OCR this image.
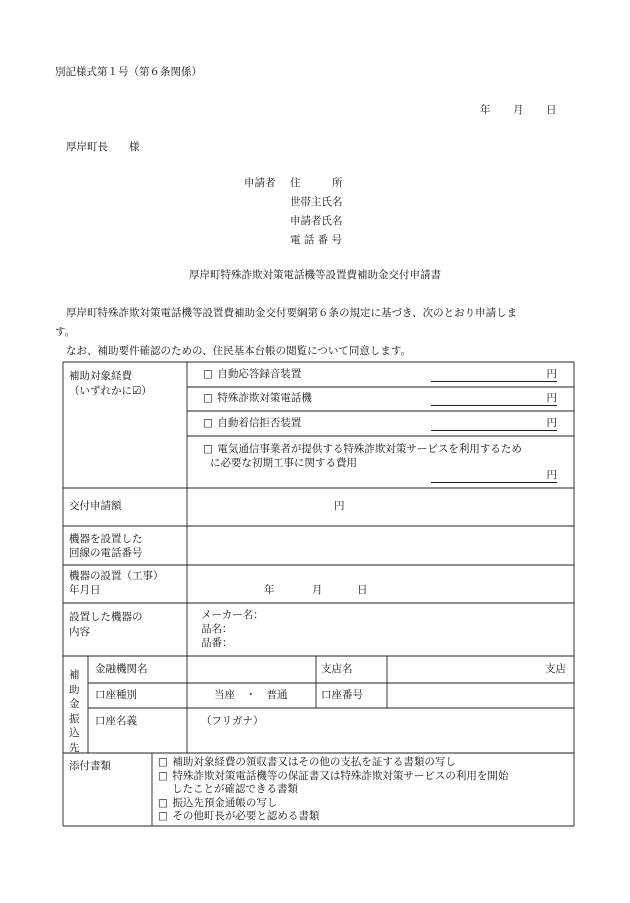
別記様式第１号（第６条関係）
年 月 日
厚岸町長　　様
申請者 住　　　所
世帯主氏名
申請者氏名
電 話 番 号
厚岸町特殊詐欺対策電話機等設置費補助金交付申請書
厚岸町特殊詐欺対策電話機等設置費補助金交付要綱第６条の規定に基づき、次のとおり申請しま
す。
なお、補助要件確認のための、住民基本台帳の閲覧について同意します。
補助対象経費
（いずれかに☑）
□ 自動応答録音装置	円
□ 特殊詐欺対策電話機	円
□ 自動着信拒否装置	円
□ 電気通信事業者が提供する特殊詐欺対策サービスを利用するため
に必要な初期工事に関する費用
円
交付申請額	円
機器を設置した
回線の電話番号
機器の設置（工事）
年月日	年	月	日
設置した機器の
内容
メーカー名：
品名：
品番：
補
助
金
振
込
先
金融機関名	支店名	支店
口座種別	当座　・　普通	口座番号
口座名義	（フリガナ）
添付書類	□ 補助対象経費の領収書又はその他の支払を証する書類の写し
□ 特殊詐欺対策電話機等の保証書又は特殊詐欺対策サービスの利用を開始
したことが確認できる書類
□ 振込先預金通帳の写し
□ その他町長が必要と認める書類
